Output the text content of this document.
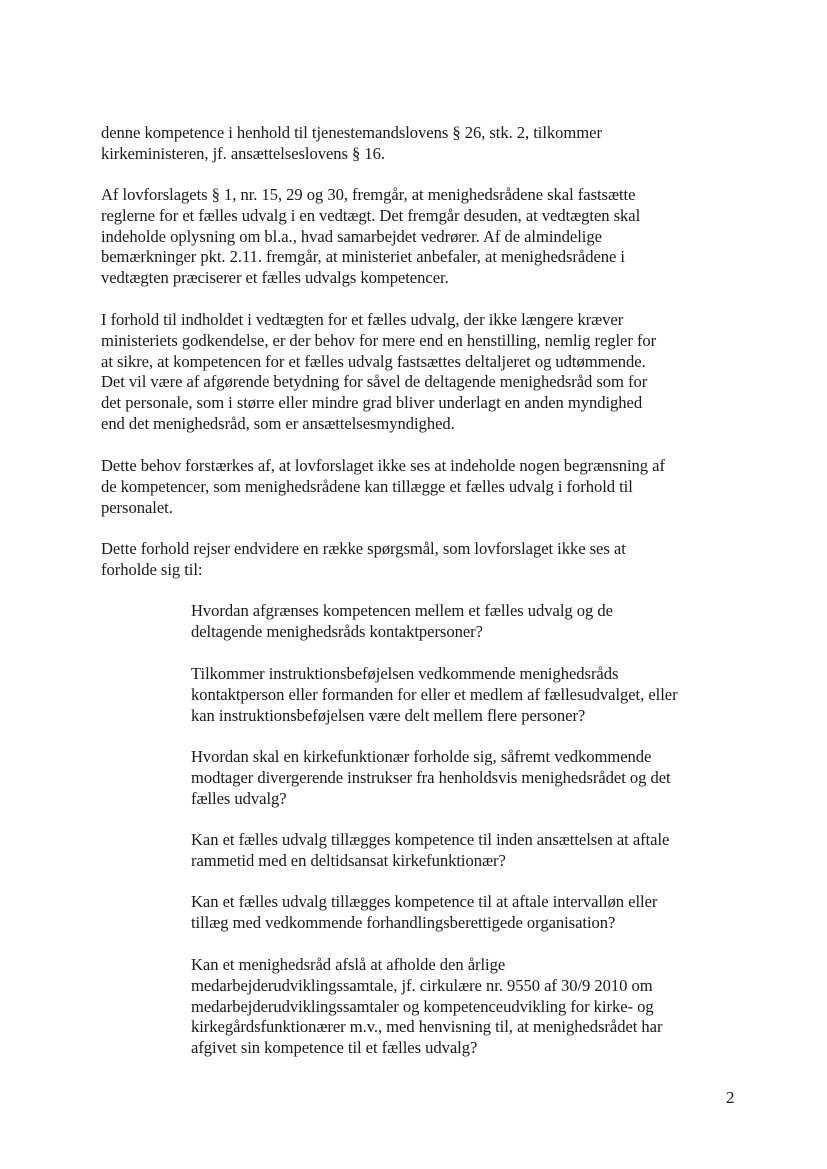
denne kompetence i henhold til tjenestemandslovens § 26, stk. 2, tilkommer
kirkeministeren, jf. ansættelseslovens § 16.

Af lovforslagets § 1, nr. 15, 29 og 30, fremgår, at menighedsrådene skal fastsætte
reglerne for et fælles udvalg i en vedtægt. Det fremgår desuden, at vedtægten skal
indeholde oplysning om bl.a., hvad samarbejdet vedrører. Af de almindelige
bemærkninger pkt. 2.11. fremgår, at ministeriet anbefaler, at menighedsrådene i
vedtægten præciserer et fælles udvalgs kompetencer.

I forhold til indholdet i vedtægten for et fælles udvalg, der ikke længere kræver
ministeriets godkendelse, er der behov for mere end en henstilling, nemlig regler for
at sikre, at kompetencen for et fælles udvalg fastsættes deltaljeret og udtømmende.
Det vil være af afgørende betydning for såvel de deltagende menighedsråd som for
det personale, som i større eller mindre grad bliver underlagt en anden myndighed
end det menighedsråd, som er ansættelsesmyndighed.

Dette behov forstærkes af, at lovforslaget ikke ses at indeholde nogen begrænsning af
de kompetencer, som menighedsrådene kan tillægge et fælles udvalg i forhold til
personalet.

Dette forhold rejser endvidere en række spørgsmål, som lovforslaget ikke ses at
forholde sig til:

Hvordan afgrænses kompetencen mellem et fælles udvalg og de
deltagende menighedsråds kontaktpersoner?

Tilkommer instruktionsbeføjelsen vedkommende menighedsråds
kontaktperson eller formanden for eller et medlem af fællesudvalget, eller
kan instruktionsbeføjelsen være delt mellem flere personer?

Hvordan skal en kirkefunktionær forholde sig, såfremt vedkommende
modtager divergerende instrukser fra henholdsvis menighedsrådet og det
fælles udvalg?

Kan et fælles udvalg tillægges kompetence til inden ansættelsen at aftale
rammetid med en deltidsansat kirkefunktionær?

Kan et fælles udvalg tillægges kompetence til at aftale intervalløn eller
tillæg med vedkommende forhandlingsberettigede organisation?

Kan et menighedsråd afslå at afholde den årlige
medarbejderudviklingssamtale, jf. cirkulære nr. 9550 af 30/9 2010 om
medarbejderudviklingssamtaler og kompetenceudvikling for kirke- og
kirkegårdsfunktionærer m.v., med henvisning til, at menighedsrådet har
afgivet sin kompetence til et fælles udvalg?

2
